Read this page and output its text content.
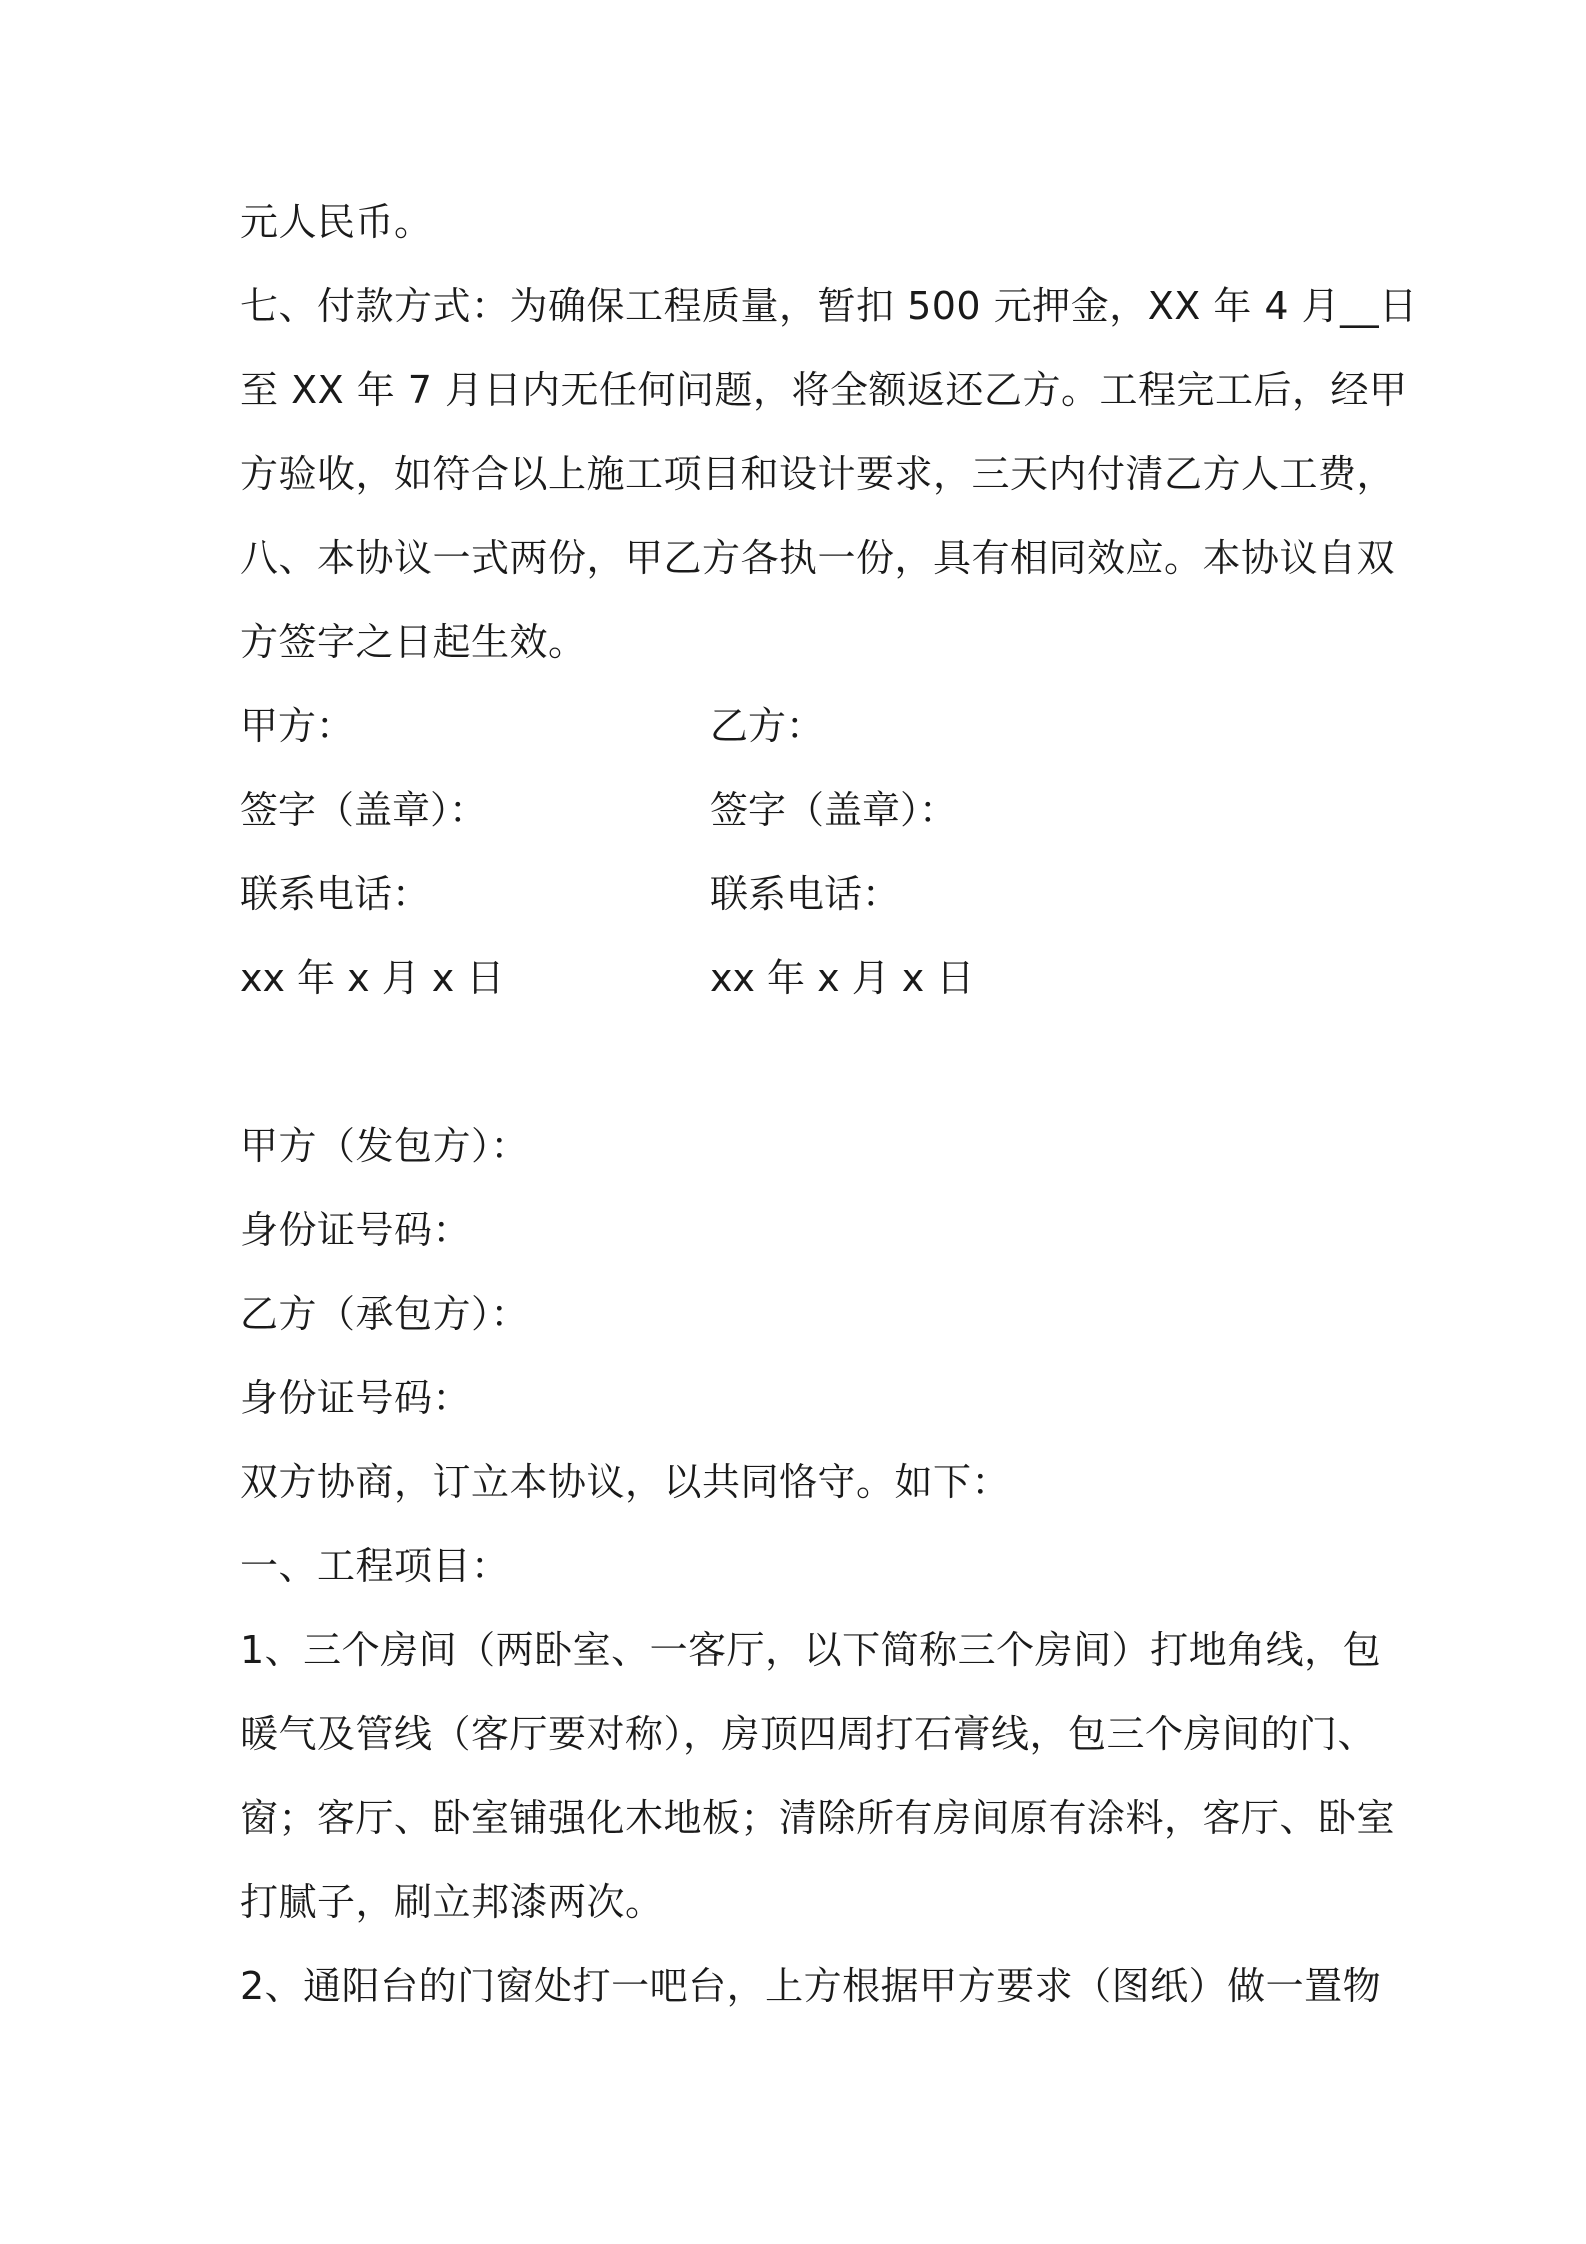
元人民币。
七、付款方式：为确保工程质量，暂扣 500 元押金，XX 年 4 月__日
至 XX 年 7 月日内无任何问题，将全额返还乙方。工程完工后，经甲
方验收，如符合以上施工项目和设计要求，三天内付清乙方人工费，
八、本协议一式两份，甲乙方各执一份，具有相同效应。本协议自双
方签字之日起生效。
甲方：	乙方：
签字（盖章）：	签字（盖章）：
联系电话：	联系电话：
xx 年 x 月 x 日	xx 年 x 月 x 日
甲方（发包方）：
身份证号码：
乙方（承包方）：
身份证号码：
双方协商，订立本协议，以共同恪守。如下：
一、工程项目：
1、三个房间（两卧室、一客厅，以下简称三个房间）打地角线，包
暖气及管线（客厅要对称），房顶四周打石膏线，包三个房间的门、
窗；客厅、卧室铺强化木地板；清除所有房间原有涂料，客厅、卧室
打腻子，刷立邦漆两次。
2、通阳台的门窗处打一吧台，上方根据甲方要求（图纸）做一置物
